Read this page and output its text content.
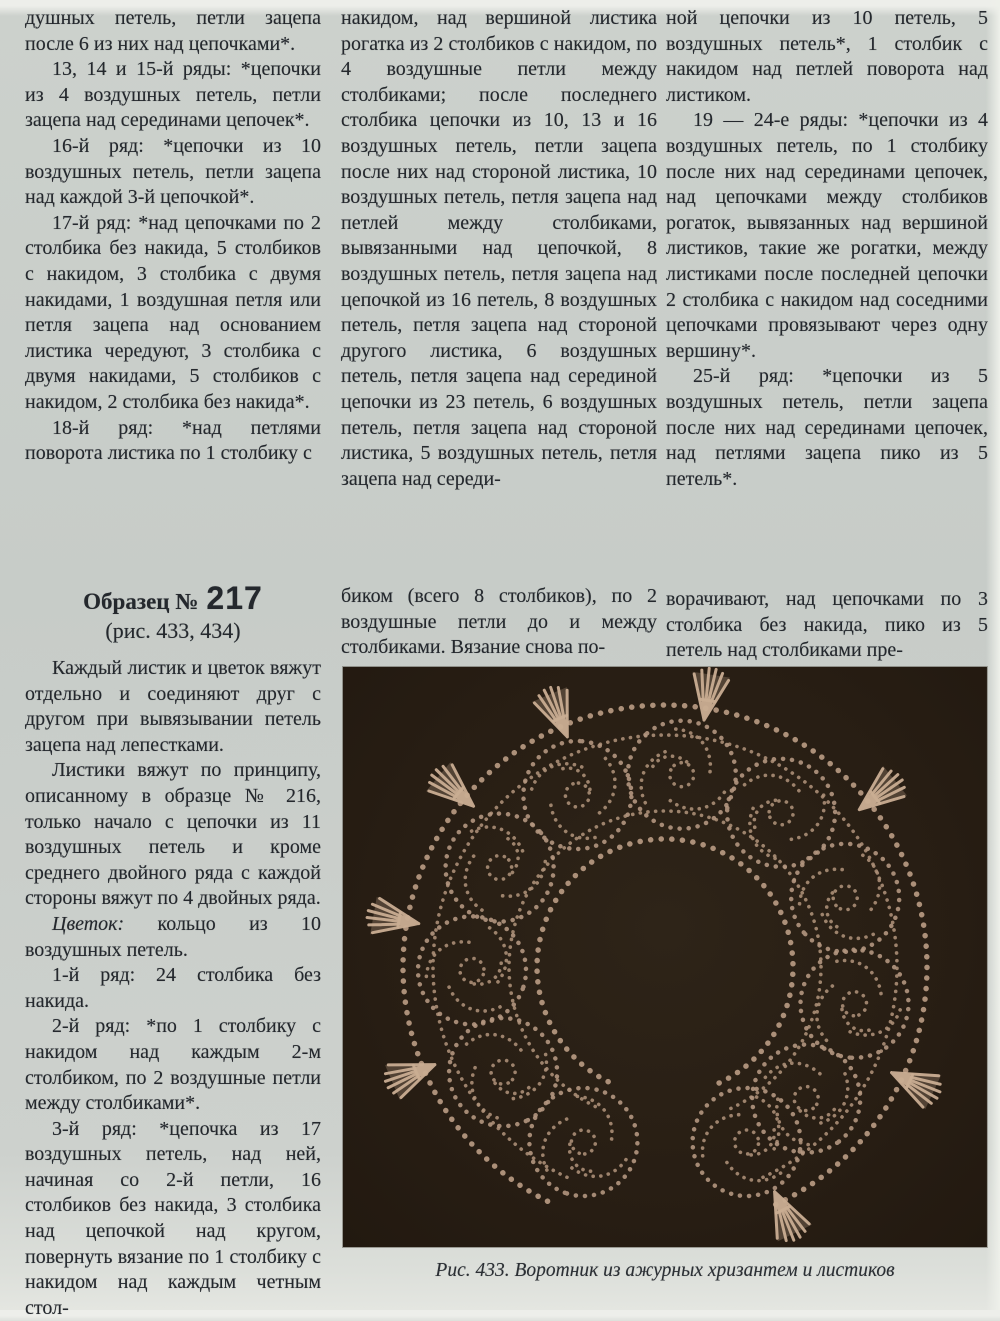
душных петель, петли зацепа после 6 из них над цепочками*.

13, 14 и 15-й ряды: *цепочки из 4 воздушных петель, петли зацепа над серединами цепочек*.

16-й ряд: *цепочки из 10 воздушных петель, петли зацепа над каждой 3-й цепочкой*.

17-й ряд: *над цепочками по 2 столбика без накида, 5 столбиков с накидом, 3 столбика с двумя накидами, 1 воздушная петля или петля зацепа над основанием листика чередуют, 3 столбика с двумя накидами, 5 столбиков с накидом, 2 столбика без накида*.

18-й ряд: *над петлями поворота листика по 1 столбику с

накидом, над вершиной листика рогатка из 2 столбиков с накидом, по 4 воздушные петли между столбиками; после последнего столбика цепочки из 10, 13 и 16 воздушных петель, петли зацепа после них над стороной листика, 10 воздушных петель, петля зацепа над петлей между столбиками, вывязанными над цепочкой, 8 воздушных петель, петля зацепа над цепочкой из 16 петель, 8 воздушных петель, петля зацепа над стороной другого листика, 6 воздушных петель, петля зацепа над серединой цепочки из 23 петель, 6 воздушных петель, петля зацепа над стороной листика, 5 воздушных петель, петля зацепа над середи-

ной цепочки из 10 петель, 5 воздушных петель*, 1 столбик с накидом над петлей поворота над листиком.

19 — 24-е ряды: *цепочки из 4 воздушных петель, по 1 столбику после них над серединами цепочек, над цепочками между столбиков рогаток, вывязанных над вершиной листиков, такие же рогатки, между листиками после последней цепочки 2 столбика с накидом над соседними цепочками провязывают через одну вершину*.

25-й ряд: *цепочки из 5 воздушных петель, петли зацепа после них над серединами цепочек, над петлями зацепа пико из 5 петель*.

Образец № 217
(рис. 433, 434)

Каждый листик и цветок вяжут отдельно и соединяют друг с другом при вывязывании петель зацепа над лепестками.

Листики вяжут по принципу, описанному в образце № 216, только начало с цепочки из 11 воздушных петель и кроме среднего двойного ряда с каждой стороны вяжут по 4 двойных ряда.

Цветок: кольцо из 10 воздушных петель.

1-й ряд: 24 столбика без накида.

2-й ряд: *по 1 столбику с накидом над каждым 2-м столбиком, по 2 воздушные петли между столбиками*.

3-й ряд: *цепочка из 17 воздушных петель, над ней, начиная со 2-й петли, 16 столбиков без накида, 3 столбика над цепочкой над кругом, повернуть вязание по 1 столбику с накидом над каждым четным стол-

биком (всего 8 столбиков), по 2 воздушные петли до и между столбиками. Вязание снова по-

ворачивают, над цепочками по 3 столбика без накида, пико из 5 петель над столбиками пре-

Рис. 433. Воротник из ажурных хризантем и листиков
